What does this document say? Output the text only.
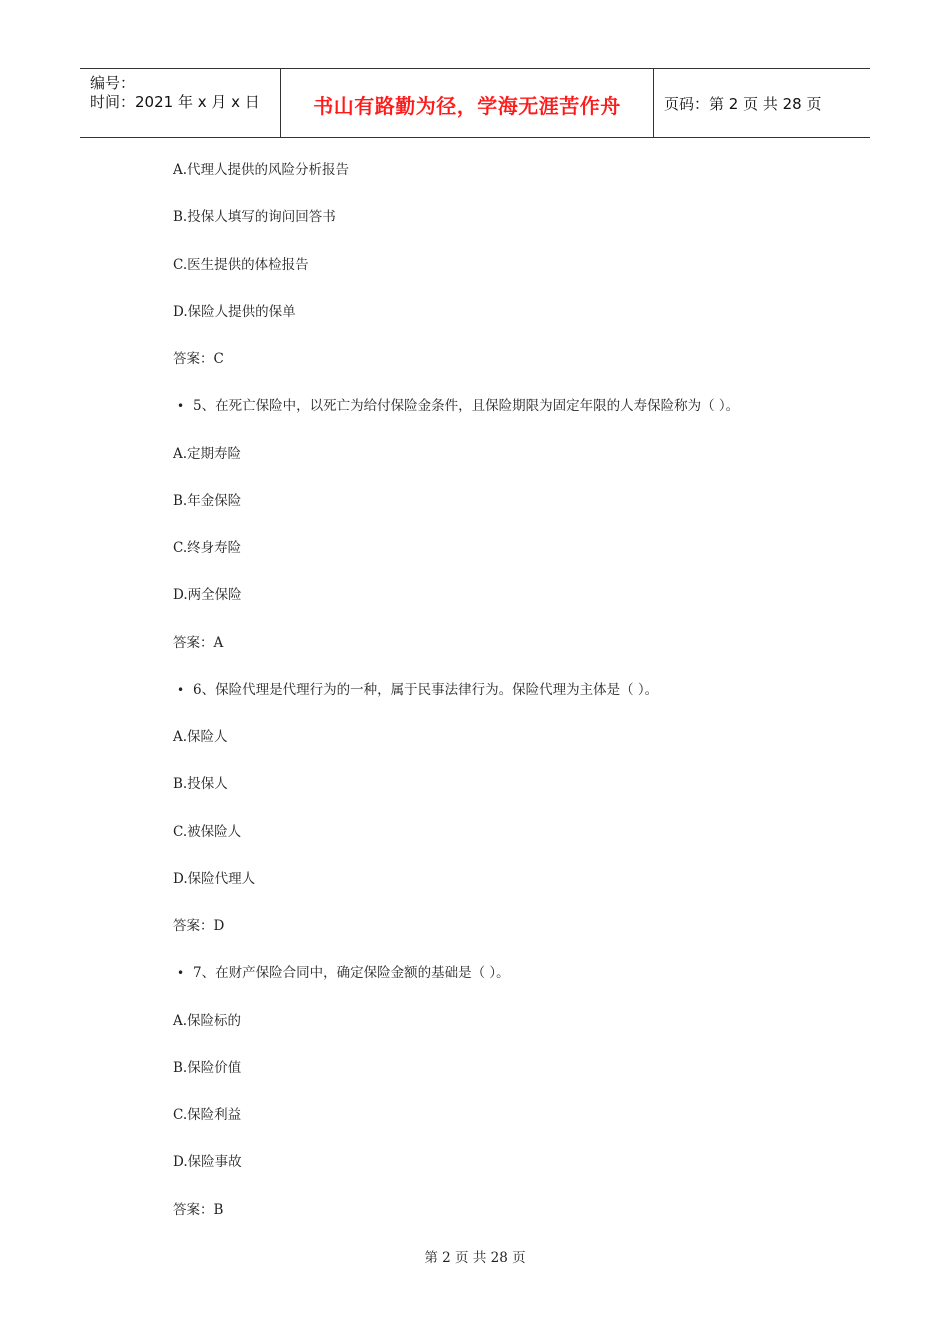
编号：
时间：2021 年 x 月 x 日	书山有路勤为径，学海无涯苦作舟	页码：第 2 页 共 28 页
A.代理人提供的风险分析报告
B.投保人填写的询问回答书
C.医生提供的体检报告
D.保险人提供的保单
答案：C
• 5、在死亡保险中，以死亡为给付保险金条件，且保险期限为固定年限的人寿保险称为（ ）。
A.定期寿险
B.年金保险
C.终身寿险
D.两全保险
答案：A
• 6、保险代理是代理行为的一种，属于民事法律行为。保险代理为主体是（ ）。
A.保险人
B.投保人
C.被保险人
D.保险代理人
答案：D
• 7、在财产保险合同中，确定保险金额的基础是（ ）。
A.保险标的
B.保险价值
C.保险利益
D.保险事故
答案：B
第 2 页 共 28 页
